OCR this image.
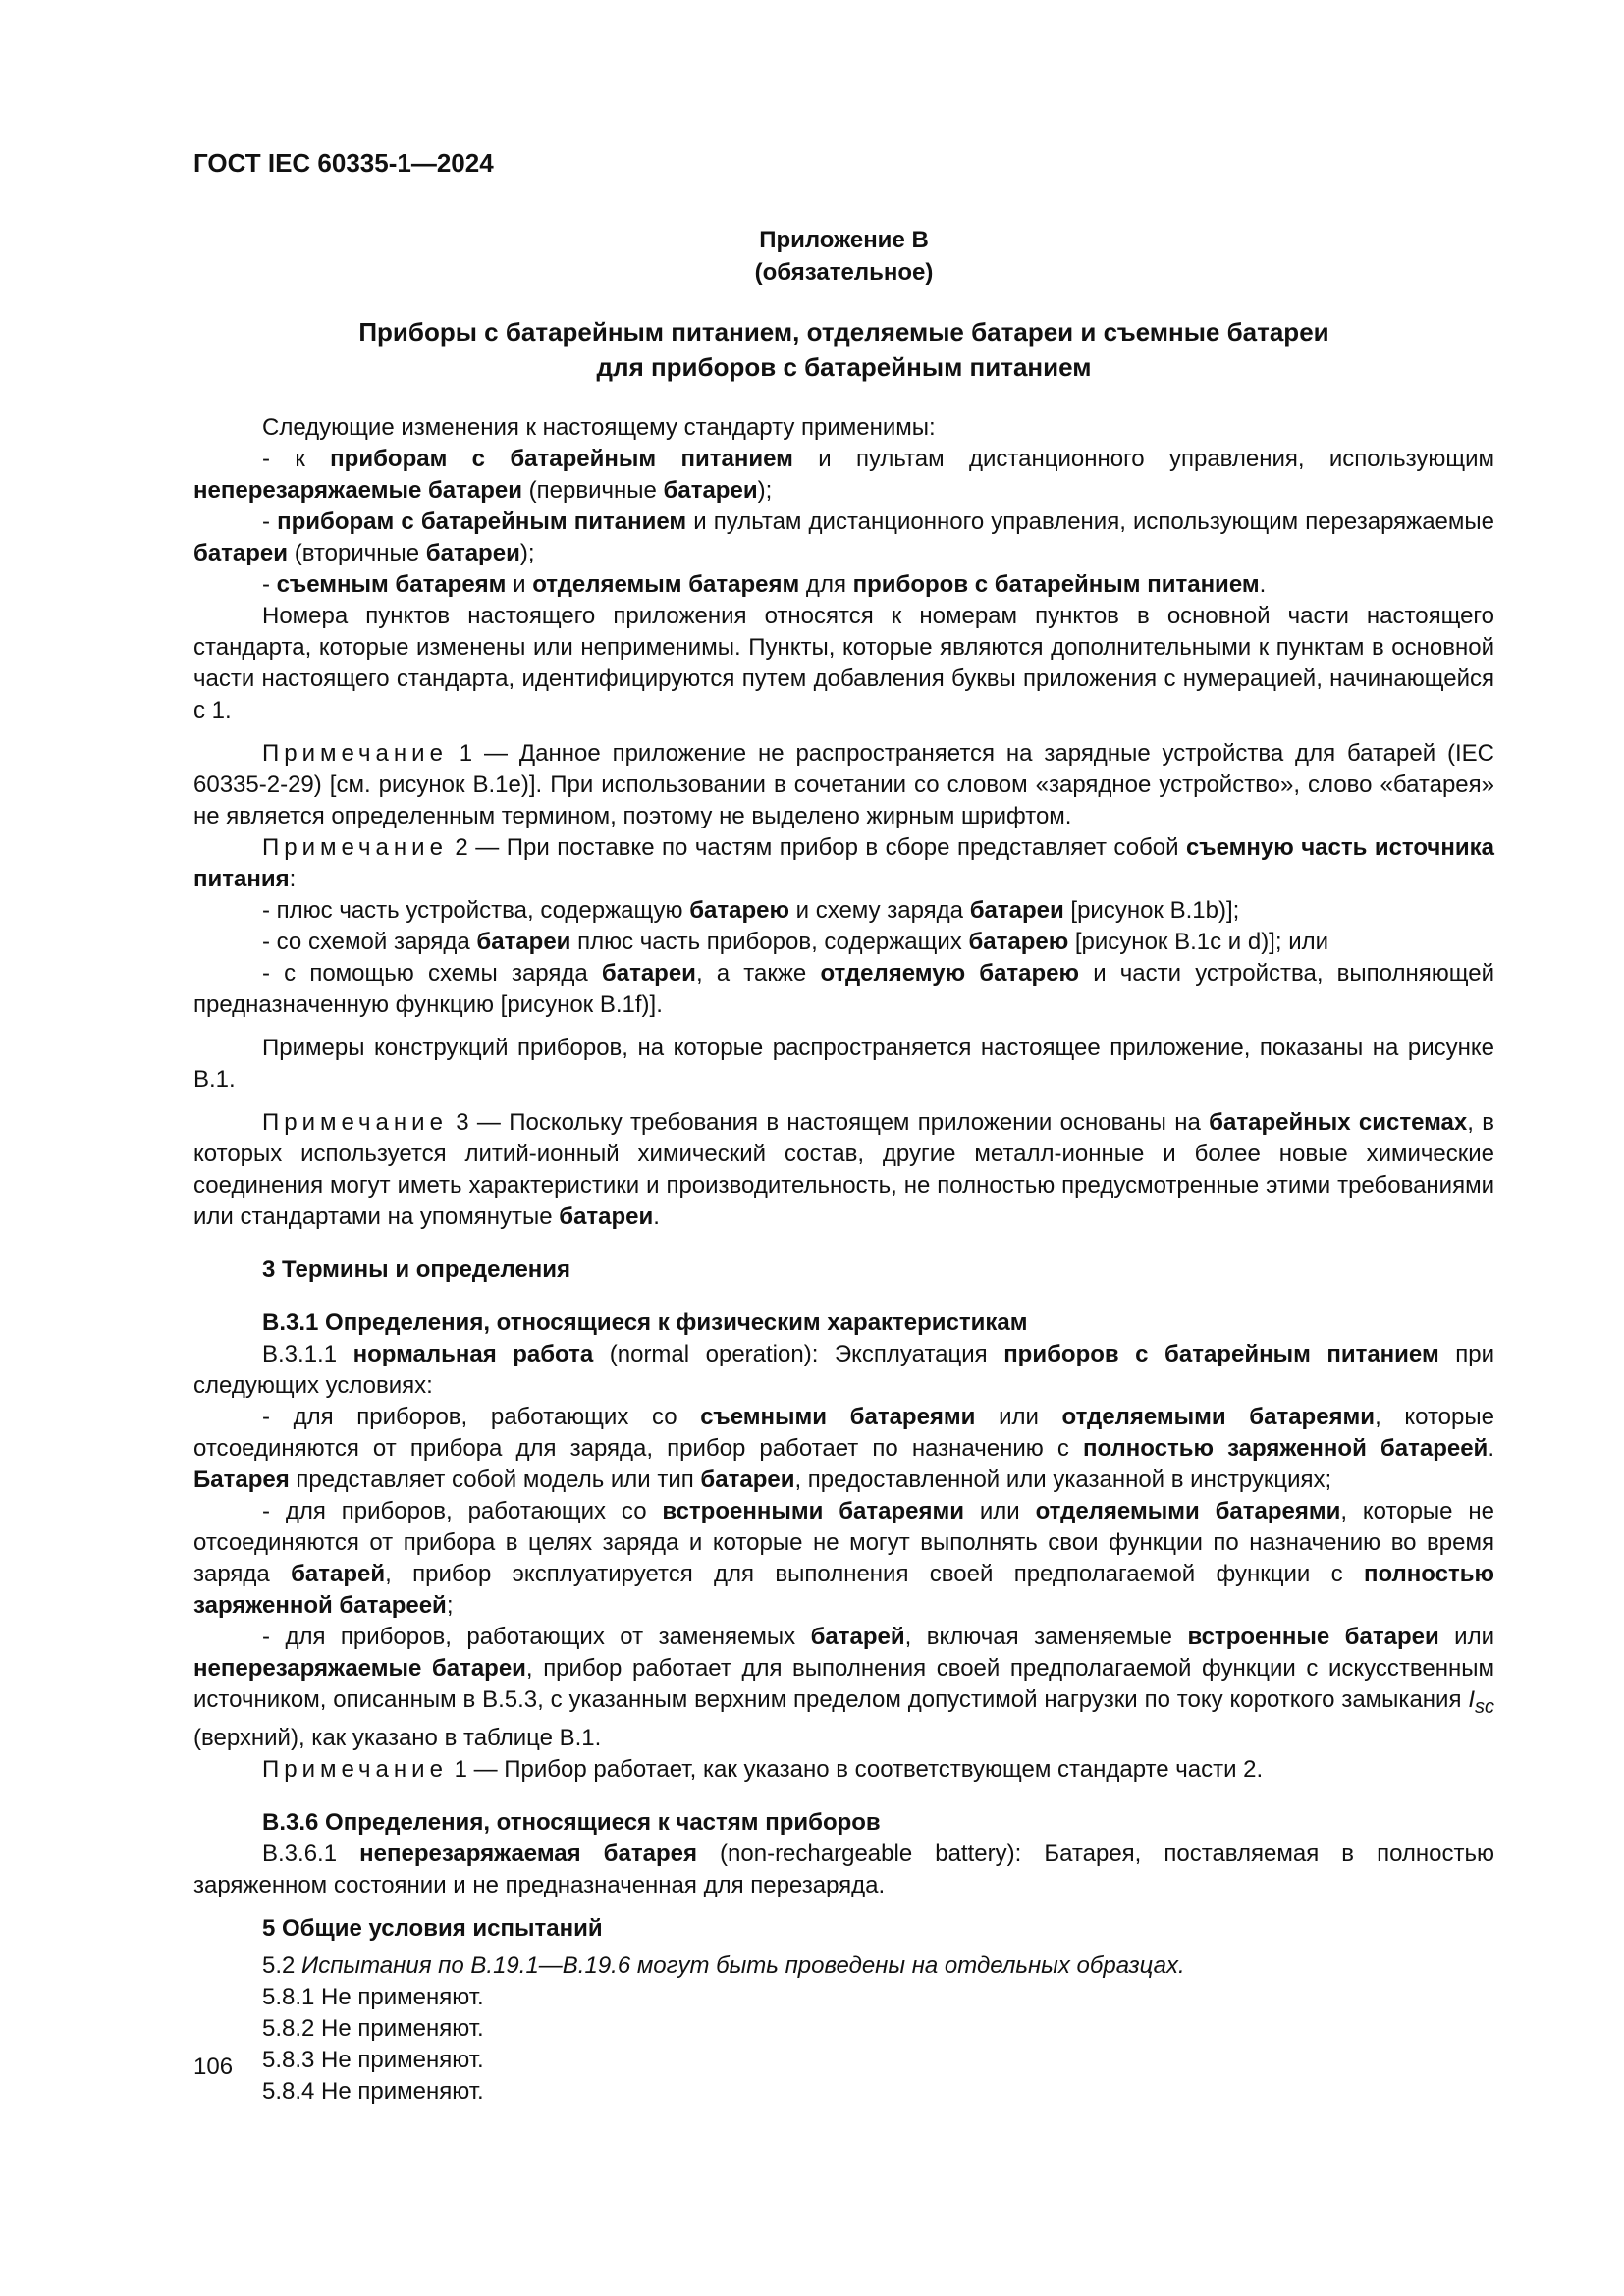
ГОСТ IEC 60335-1—2024
Приложение В
(обязательное)
Приборы с батарейным питанием, отделяемые батареи и съемные батареи
для приборов с батарейным питанием

Следующие изменения к настоящему стандарту применимы:

- к приборам с батарейным питанием и пультам дистанционного управления, использующим неперезаряжаемые батареи (первичные батареи);

- приборам с батарейным питанием и пультам дистанционного управления, использующим перезаряжаемые батареи (вторичные батареи);

- съемным батареям и отделяемым батареям для приборов с батарейным питанием.

Номера пунктов настоящего приложения относятся к номерам пунктов в основной части настоящего стандарта, которые изменены или неприменимы. Пункты, которые являются дополнительными к пунктам в основной части настоящего стандарта, идентифицируются путем добавления буквы приложения с нумерацией, начинающейся с 1.

Примечание 1 — Данное приложение не распространяется на зарядные устройства для батарей (IEC 60335-2-29) [см. рисунок В.1е)]. При использовании в сочетании со словом «зарядное устройство», слово «батарея» не является определенным термином, поэтому не выделено жирным шрифтом.

Примечание 2 — При поставке по частям прибор в сборе представляет собой съемную часть источника питания:

- плюс часть устройства, содержащую батарею и схему заряда батареи [рисунок В.1b)];

- со схемой заряда батареи плюс часть приборов, содержащих батарею [рисунок В.1с и d)]; или

- с помощью схемы заряда батареи, а также отделяемую батарею и части устройства, выполняющей предназначенную функцию [рисунок В.1f)].

Примеры конструкций приборов, на которые распространяется настоящее приложение, показаны на рисунке В.1.

Примечание 3 — Поскольку требования в настоящем приложении основаны на батарейных системах, в которых используется литий-ионный химический состав, другие металл-ионные и более новые химические соединения могут иметь характеристики и производительность, не полностью предусмотренные этими требованиями или стандартами на упомянутые батареи.

3 Термины и определения

В.3.1 Определения, относящиеся к физическим характеристикам

В.3.1.1 нормальная работа (normal operation): Эксплуатация приборов с батарейным питанием при следующих условиях:

- для приборов, работающих со съемными батареями или отделяемыми батареями, которые отсоединяются от прибора для заряда, прибор работает по назначению с полностью заряженной батареей. Батарея представляет собой модель или тип батареи, предоставленной или указанной в инструкциях;

- для приборов, работающих со встроенными батареями или отделяемыми батареями, которые не отсоединяются от прибора в целях заряда и которые не могут выполнять свои функции по назначению во время заряда батарей, прибор эксплуатируется для выполнения своей предполагаемой функции с полностью заряженной батареей;

- для приборов, работающих от заменяемых батарей, включая заменяемые встроенные батареи или неперезаряжаемые батареи, прибор работает для выполнения своей предполагаемой функции с искусственным источником, описанным в В.5.3, с указанным верхним пределом допустимой нагрузки по току короткого замыкания $I_{sc}$ (верхний), как указано в таблице В.1.

Примечание 1 — Прибор работает, как указано в соответствующем стандарте части 2.

В.3.6 Определения, относящиеся к частям приборов

В.3.6.1 неперезаряжаемая батарея (non-rechargeable battery): Батарея, поставляемая в полностью заряженном состоянии и не предназначенная для перезаряда.

5 Общие условия испытаний

5.2 Испытания по В.19.1—В.19.6 могут быть проведены на отдельных образцах.

5.8.1 Не применяют.

5.8.2 Не применяют.

5.8.3 Не применяют.

5.8.4 Не применяют.

106
